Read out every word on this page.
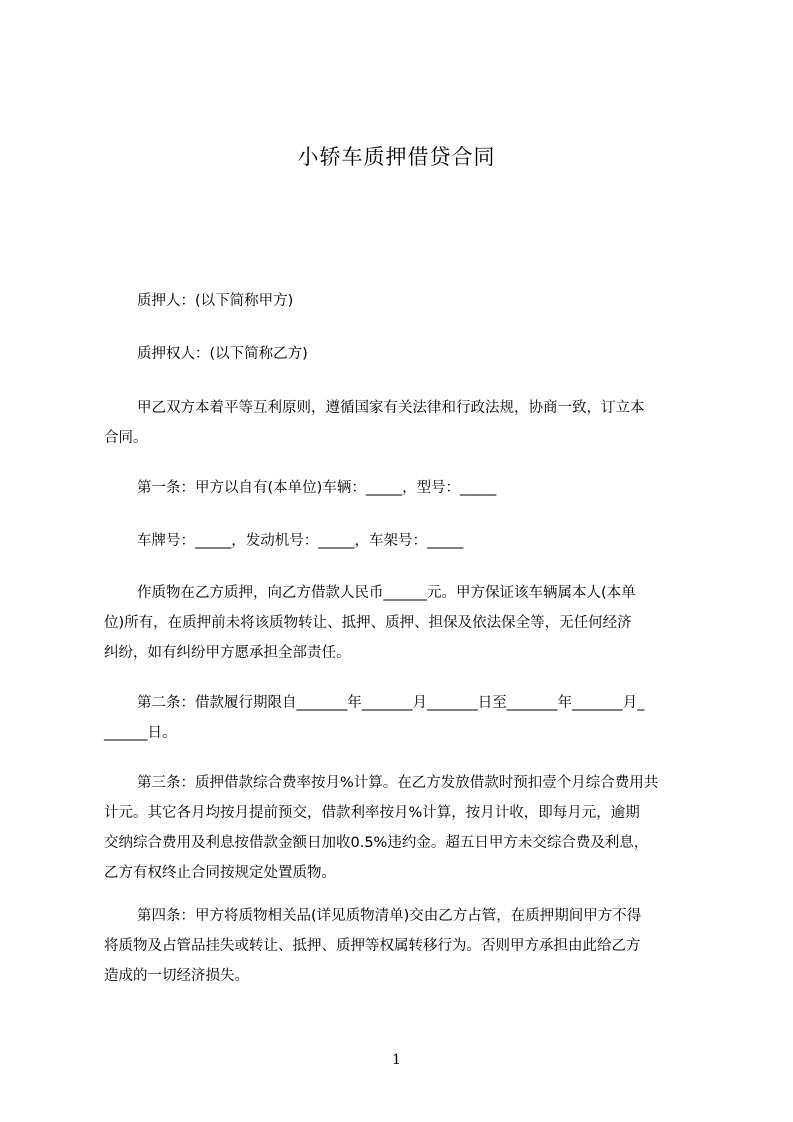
小轿车质押借贷合同

质押人：(以下简称甲方)

质押权人：(以下简称乙方)

甲乙双方本着平等互利原则，遵循国家有关法律和行政法规，协商一致，订立本
合同。

第一条：甲方以自有(本单位)车辆：_____，型号：_____

车牌号：_____，发动机号：_____，车架号：_____

作质物在乙方质押，向乙方借款人民币______元。甲方保证该车辆属本人(本单
位)所有，在质押前未将该质物转让、抵押、质押、担保及依法保全等，无任何经济
纠纷，如有纠纷甲方愿承担全部责任。

第二条：借款履行期限自_______年_______月_______日至_______年_______月_
______日。

第三条：质押借款综合费率按月%计算。在乙方发放借款时预扣壹个月综合费用共
计元。其它各月均按月提前预交，借款利率按月%计算，按月计收，即每月元，逾期
交纳综合费用及利息按借款金额日加收0.5%违约金。超五日甲方未交综合费及利息，
乙方有权终止合同按规定处置质物。

第四条：甲方将质物相关品(详见质物清单)交由乙方占管，在质押期间甲方不得
将质物及占管品挂失或转让、抵押、质押等权属转移行为。否则甲方承担由此给乙方
造成的一切经济损失。

1
